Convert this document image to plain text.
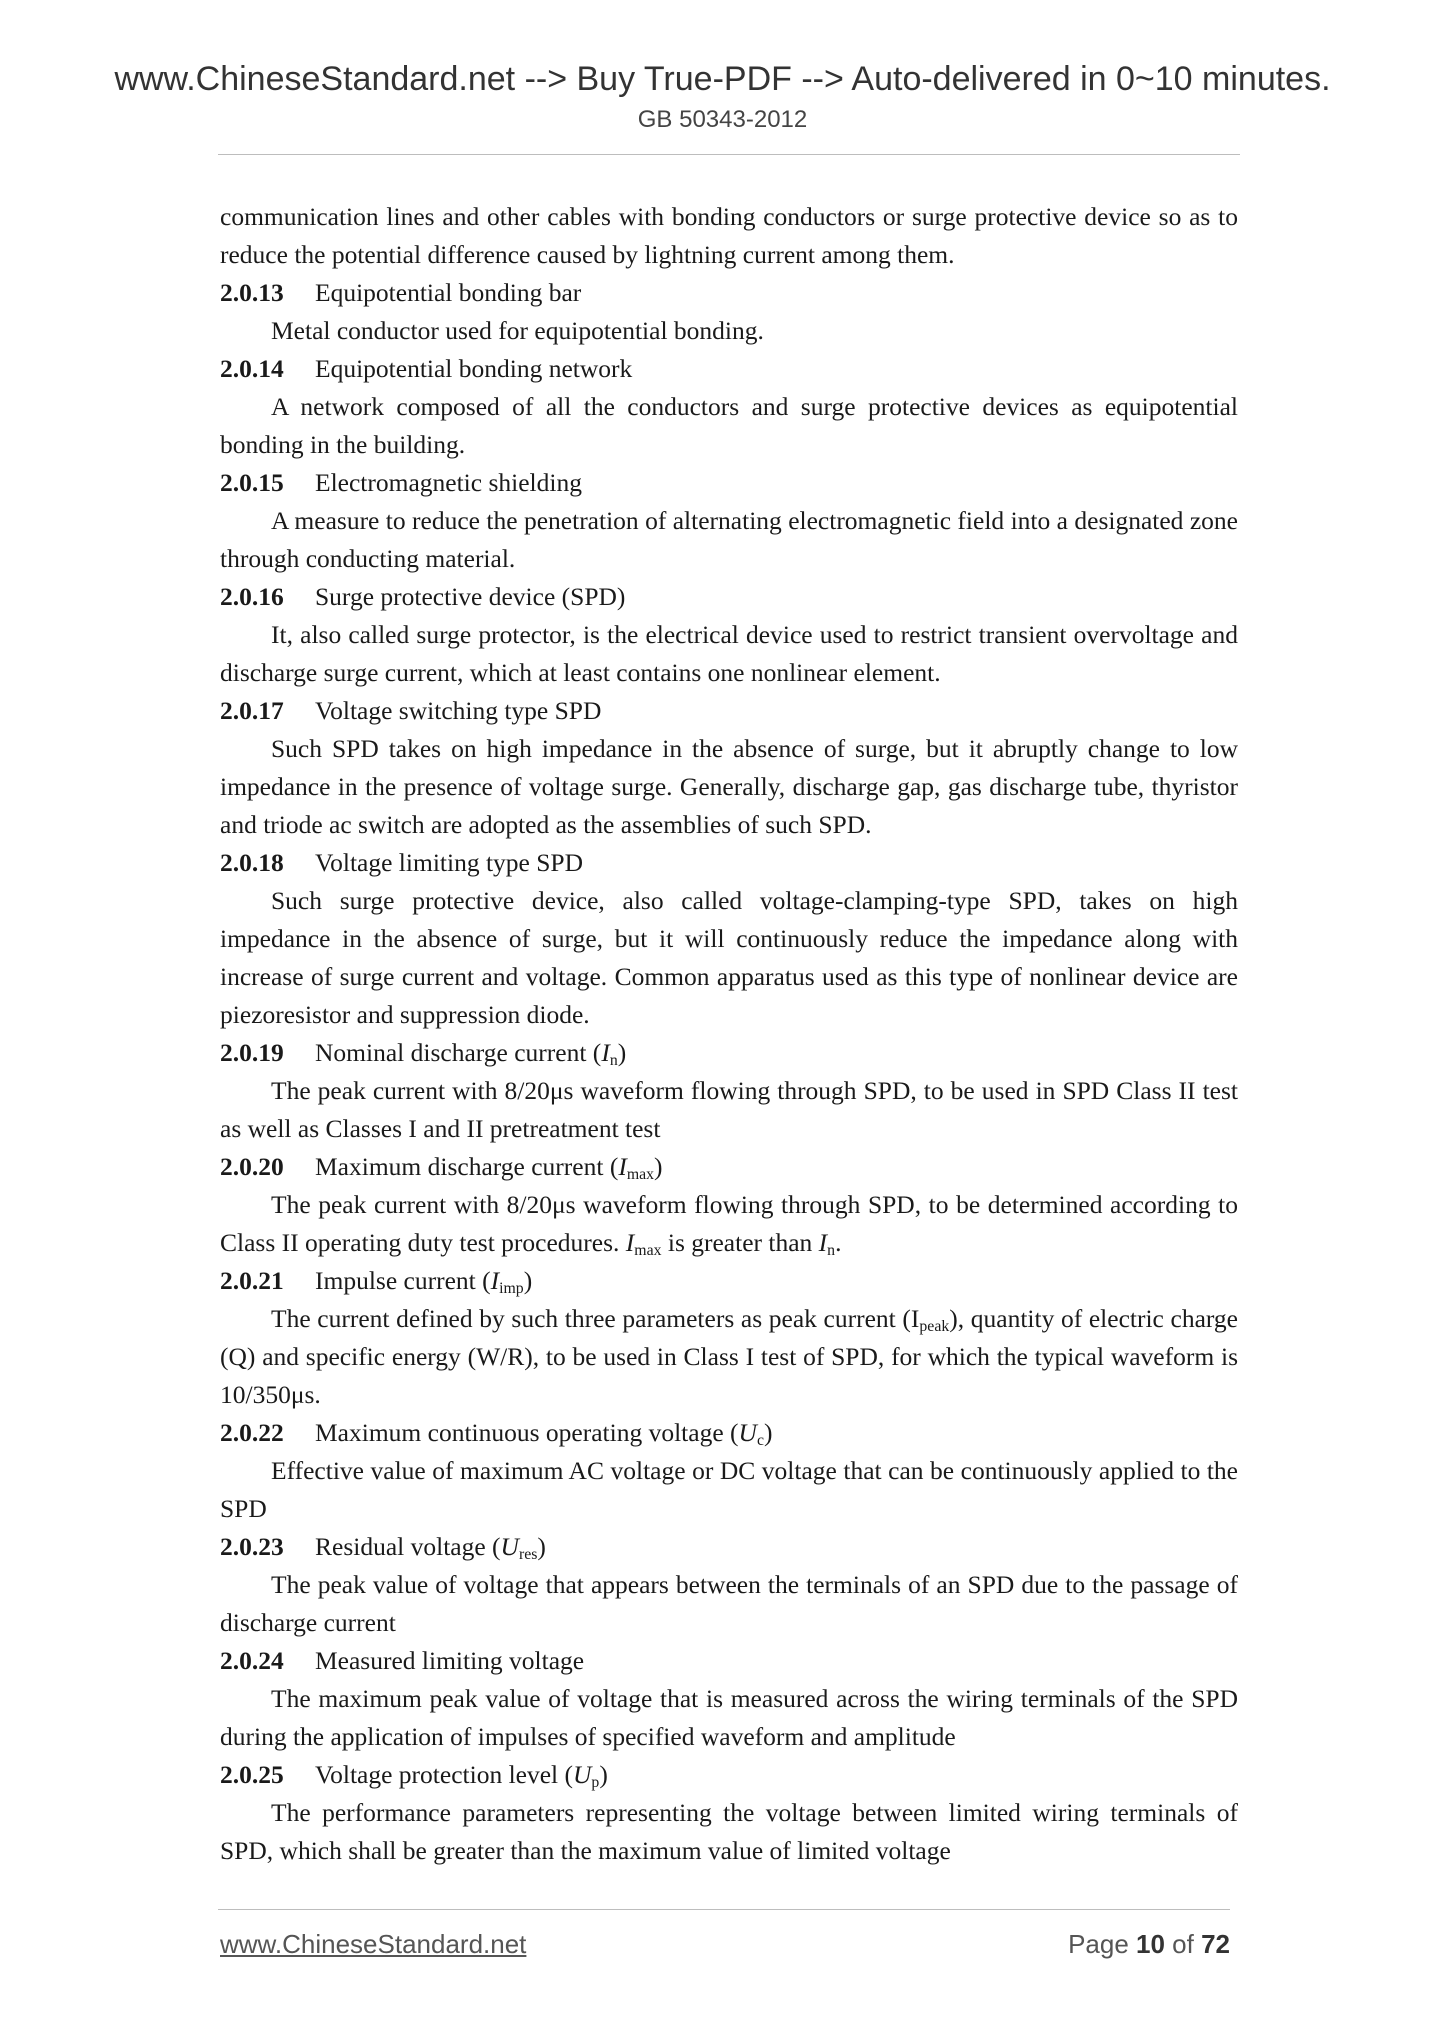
www.ChineseStandard.net --> Buy True-PDF --> Auto-delivered in 0~10 minutes.
GB 50343-2012

communication lines and other cables with bonding conductors or surge protective device so as to reduce the potential difference caused by lightning current among them.

2.0.13 Equipotential bonding bar

Metal conductor used for equipotential bonding.

2.0.14 Equipotential bonding network

A network composed of all the conductors and surge protective devices as equipotential bonding in the building.

2.0.15 Electromagnetic shielding

A measure to reduce the penetration of alternating electromagnetic field into a designated zone through conducting material.

2.0.16 Surge protective device (SPD)

It, also called surge protector, is the electrical device used to restrict transient overvoltage and discharge surge current, which at least contains one nonlinear element.

2.0.17 Voltage switching type SPD

Such SPD takes on high impedance in the absence of surge, but it abruptly change to low impedance in the presence of voltage surge. Generally, discharge gap, gas discharge tube, thyristor and triode ac switch are adopted as the assemblies of such SPD.

2.0.18 Voltage limiting type SPD

Such surge protective device, also called voltage-clamping-type SPD, takes on high impedance in the absence of surge, but it will continuously reduce the impedance along with increase of surge current and voltage. Common apparatus used as this type of nonlinear device are piezoresistor and suppression diode.

2.0.19 Nominal discharge current $(I_n)$

The peak current with 8/20μs waveform flowing through SPD, to be used in SPD Class II test as well as Classes I and II pretreatment test

2.0.20 Maximum discharge current $(I_{max})$

The peak current with 8/20μs waveform flowing through SPD, to be determined according to Class II operating duty test procedures. $I_{max}$ is greater than $I_n$.

2.0.21 Impulse current $(I_{imp})$

The current defined by such three parameters as peak current $(I_{peak})$, quantity of electric charge (Q) and specific energy (W/R), to be used in Class I test of SPD, for which the typical waveform is 10/350μs.

2.0.22 Maximum continuous operating voltage $(U_c)$

Effective value of maximum AC voltage or DC voltage that can be continuously applied to the SPD

2.0.23 Residual voltage $(U_{res})$

The peak value of voltage that appears between the terminals of an SPD due to the passage of discharge current

2.0.24 Measured limiting voltage

The maximum peak value of voltage that is measured across the wiring terminals of the SPD during the application of impulses of specified waveform and amplitude

2.0.25 Voltage protection level $(U_p)$

The performance parameters representing the voltage between limited wiring terminals of SPD, which shall be greater than the maximum value of limited voltage

www.ChineseStandard.net	Page 10 of 72
